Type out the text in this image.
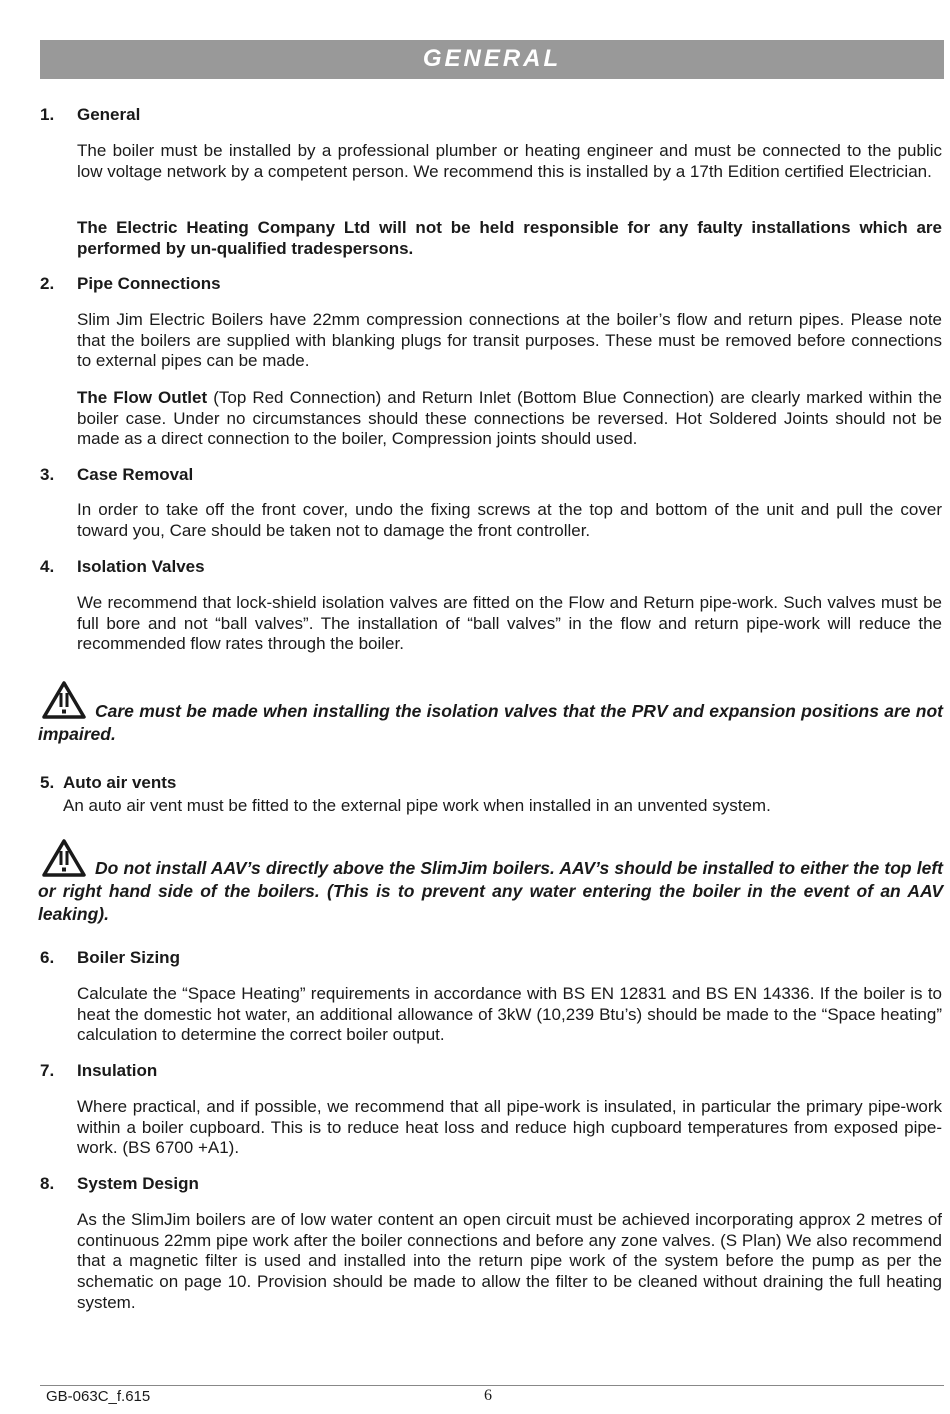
GENERAL
1. General
The boiler must be installed by a professional plumber or heating engineer and must be connected to the public low voltage network by a competent person. We recommend this is installed by a 17th Edition certified Electrician.
The Electric Heating Company Ltd will not be held responsible for any faulty installations which are performed by un-qualified tradespersons.
2. Pipe Connections
Slim Jim Electric Boilers have 22mm compression connections at the boiler’s flow and return pipes. Please note that the boilers are supplied with blanking plugs for transit purposes. These must be removed before connections to external pipes can be made.
The Flow Outlet (Top Red Connection) and Return Inlet (Bottom Blue Connection) are clearly marked within the boiler case. Under no circumstances should these connections be reversed. Hot Soldered Joints should not be made as a direct connection to the boiler, Compression joints should used.
3. Case Removal
In order to take off the front cover, undo the fixing screws at the top and bottom of the unit and pull the cover toward you, Care should be taken not to damage the front controller.
4. Isolation Valves
We recommend that lock-shield isolation valves are fitted on the Flow and Return pipe-work. Such valves must be full bore and not “ball valves”. The installation of “ball valves” in the flow and return pipe-work will reduce the recommended flow rates through the boiler.
Care must be made when installing the isolation valves that the PRV and expansion positions are not impaired.
5. Auto air vents
An auto air vent must be fitted to the external pipe work when installed in an unvented system.
Do not install AAV’s directly above the SlimJim boilers. AAV’s should be installed to either the top left or right hand side of the boilers. (This is to prevent any water entering the boiler in the event of an AAV leaking).
6. Boiler Sizing
Calculate the “Space Heating” requirements in accordance with BS EN 12831 and BS EN 14336. If the boiler is to heat the domestic hot water, an additional allowance of 3kW (10,239 Btu’s) should be made to the “Space heating” calculation to determine the correct boiler output.
7. Insulation
Where practical, and if possible, we recommend that all pipe-work is insulated, in particular the primary pipe-work within a boiler cupboard. This is to reduce heat loss and reduce high cupboard temperatures from exposed pipe-work. (BS 6700 +A1).
8. System Design
As the SlimJim boilers are of low water content an open circuit must be achieved incorporating approx 2 metres of continuous 22mm pipe work after the boiler connections and before any zone valves. (S Plan) We also recommend that a magnetic filter is used and installed into the return pipe work of the system before the pump as per the schematic on page 10. Provision should be made to allow the filter to be cleaned without draining the full heating system.
GB-063C_f.615	6
